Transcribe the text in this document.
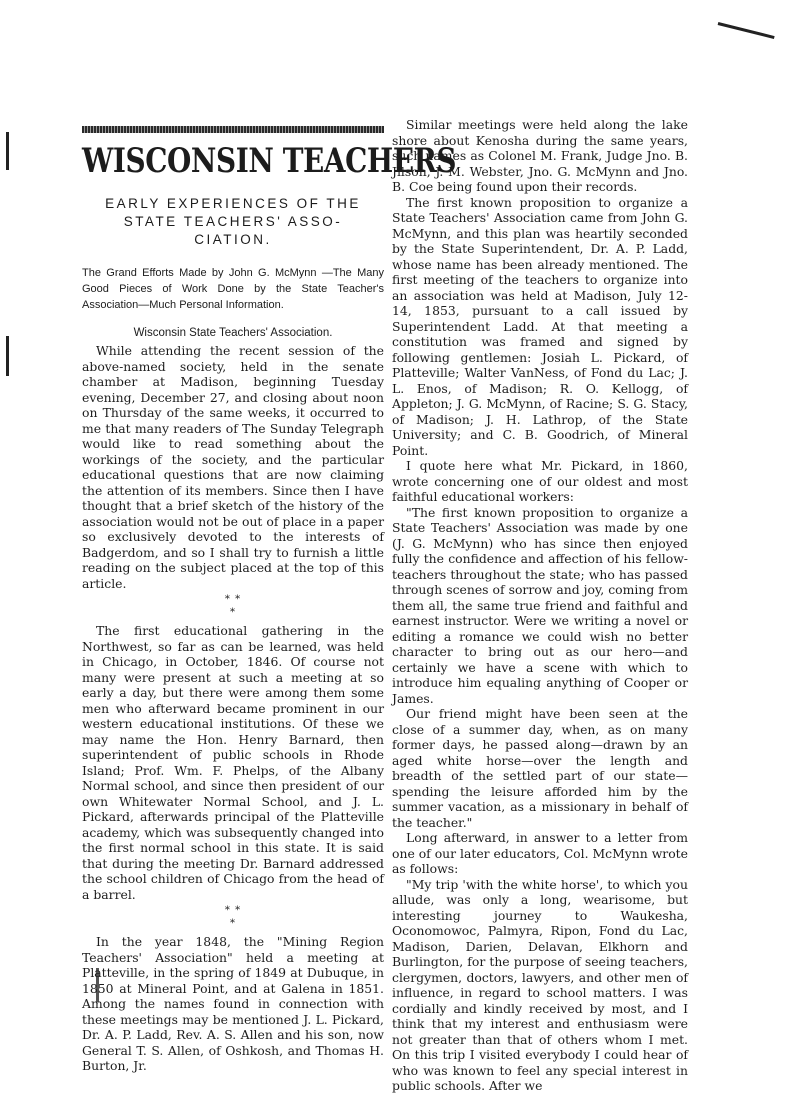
WISCONSIN TEACHERS
EARLY EXPERIENCES OF THE STATE TEACHERS' ASSO- CIATION.
The Grand Efforts Made by John G. McMynn —The Many Good Pieces of Work Done by the State Teacher's Association—Much Personal Information.
Wisconsin State Teachers' Association.

While attending the recent session of the above-named society, held in the senate chamber at Madison, beginning Tuesday evening, December 27, and closing about noon on Thursday of the same weeks, it occurred to me that many readers of The Sunday Telegraph would like to read something about the workings of the society, and the particular educational questions that are now claiming the attention of its members. Since then I have thought that a brief sketch of the history of the association would not be out of place in a paper so exclusively devoted to the interests of Badgerdom, and so I shall try to furnish a little reading on the subject placed at the top of this article.

* *
*

The first educational gathering in the Northwest, so far as can be learned, was held in Chicago, in October, 1846. Of course not many were present at such a meeting at so early a day, but there were among them some men who afterward became prominent in our western educational institutions. Of these we may name the Hon. Henry Barnard, then superintendent of public schools in Rhode Island; Prof. Wm. F. Phelps, of the Albany Normal school, and since then president of our own Whitewater Normal School, and J. L. Pickard, afterwards principal of the Platteville academy, which was subsequently changed into the first normal school in this state. It is said that during the meeting Dr. Barnard addressed the school children of Chicago from the head of a barrel.

* *
*

In the year 1848, the "Mining Region Teachers' Association" held a meeting at Platteville, in the spring of 1849 at Dubuque, in 1850 at Mineral Point, and at Galena in 1851. Among the names found in connection with these meetings may be mentioned J. L. Pickard, Dr. A. P. Ladd, Rev. A. S. Allen and his son, now General T. S. Allen, of Oshkosh, and Thomas H. Burton, Jr.

Similar meetings were held along the lake shore about Kenosha during the same years, such names as Colonel M. Frank, Judge Jno. B. Jilson, J. M. Webster, Jno. G. McMynn and Jno. B. Coe being found upon their records.

The first known proposition to organize a State Teachers' Association came from John G. McMynn, and this plan was heartily seconded by the State Superintendent, Dr. A. P. Ladd, whose name has been already mentioned. The first meeting of the teachers to organize into an association was held at Madison, July 12-14, 1853, pursuant to a call issued by Superintendent Ladd. At that meeting a constitution was framed and signed by following gentlemen: Josiah L. Pickard, of Platteville; Walter VanNess, of Fond du Lac; J. L. Enos, of Madison; R. O. Kellogg, of Appleton; J. G. McMynn, of Racine; S. G. Stacy, of Madison; J. H. Lathrop, of the State University; and C. B. Goodrich, of Mineral Point.

I quote here what Mr. Pickard, in 1860, wrote concerning one of our oldest and most faithful educational workers:

"The first known proposition to organize a State Teachers' Association was made by one (J. G. McMynn) who has since then enjoyed fully the confidence and affection of his fellow-teachers throughout the state; who has passed through scenes of sorrow and joy, coming from them all, the same true friend and faithful and earnest instructor. Were we writing a novel or editing a romance we could wish no better character to bring out as our hero—and certainly we have a scene with which to introduce him equaling anything of Cooper or James.

Our friend might have been seen at the close of a summer day, when, as on many former days, he passed along—drawn by an aged white horse—over the length and breadth of the settled part of our state—spending the leisure afforded him by the summer vacation, as a missionary in behalf of the teacher."

Long afterward, in answer to a letter from one of our later educators, Col. McMynn wrote as follows:

"My trip 'with the white horse', to which you allude, was only a long, wearisome, but interesting journey to Waukesha, Oconomowoc, Palmyra, Ripon, Fond du Lac, Madison, Darien, Delavan, Elkhorn and Burlington, for the purpose of seeing teachers, clergymen, doctors, lawyers, and other men of influence, in regard to school matters. I was cordially and kindly received by most, and I think that my interest and enthusiasm were not greater than that of others whom I met. On this trip I visited everybody I could hear of who was known to feel any special interest in public schools. After we
